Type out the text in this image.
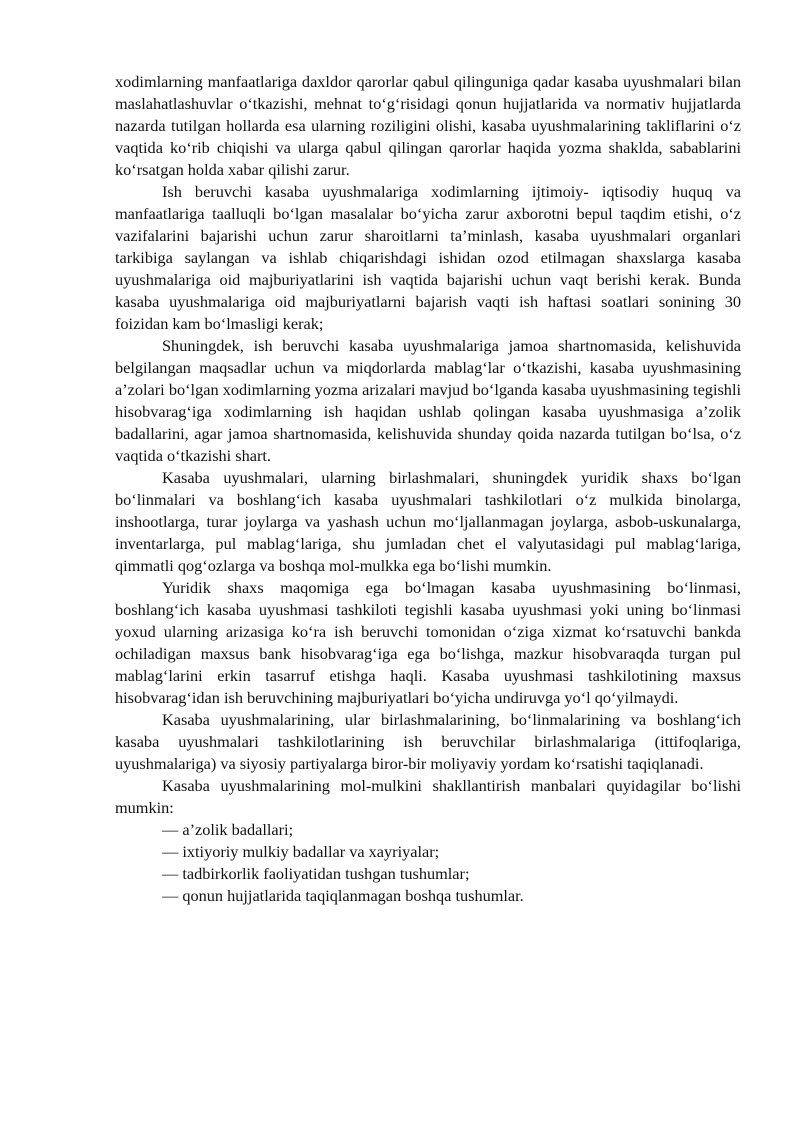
xodimlarning manfaatlariga daxldor qarorlar qabul qilinguniga qadar kasaba uyushmalari bilan maslahatlashuvlar o‘tkazishi, mehnat to‘g‘risidagi qonun hujjatlarida va normativ hujjatlarda nazarda tutilgan hollarda esa ularning roziligini olishi, kasaba uyushmalarining takliflarini o‘z vaqtida ko‘rib chiqishi va ularga qabul qilingan qarorlar haqida yozma shaklda, sabablarini ko‘rsatgan holda xabar qilishi zarur.

Ish beruvchi kasaba uyushmalariga xodimlarning ijtimoiy- iqtisodiy huquq va manfaatlariga taalluqli bo‘lgan masalalar bo‘yicha zarur axborotni bepul taqdim etishi, o‘z vazifalarini bajarishi uchun zarur sharoitlarni ta’minlash, kasaba uyushmalari organlari tarkibiga saylangan va ishlab chiqarishdagi ishidan ozod etilmagan shaxslarga kasaba uyushmalariga oid majburiyatlarini ish vaqtida bajarishi uchun vaqt berishi kerak. Bunda kasaba uyushmalariga oid majburiyatlarni bajarish vaqti ish haftasi soatlari sonining 30 foizidan kam bo‘lmasligi kerak;

Shuningdek, ish beruvchi kasaba uyushmalariga jamoa shartnomasida, kelishuvida belgilangan maqsadlar uchun va miqdorlarda mablag‘lar o‘tkazishi, kasaba uyushmasining a’zolari bo‘lgan xodimlarning yozma arizalari mavjud bo‘lganda kasaba uyushmasining tegishli hisobvarag‘iga xodimlarning ish haqidan ushlab qolingan kasaba uyushmasiga a’zolik badallarini, agar jamoa shartnomasida, kelishuvida shunday qoida nazarda tutilgan bo‘lsa, o‘z vaqtida o‘tkazishi shart.

Kasaba uyushmalari, ularning birlashmalari, shuningdek yuridik shaxs bo‘lgan bo‘linmalari va boshlang‘ich kasaba uyushmalari tashkilotlari o‘z mulkida binolarga, inshootlarga, turar joylarga va yashash uchun mo‘ljallanmagan joylarga, asbob-uskunalarga, inventarlarga, pul mablag‘lariga, shu jumladan chet el valyutasidagi pul mablag‘lariga, qimmatli qog‘ozlarga va boshqa mol-mulkka ega bo‘lishi mumkin.

Yuridik shaxs maqomiga ega bo‘lmagan kasaba uyushmasining bo‘linmasi, boshlang‘ich kasaba uyushmasi tashkiloti tegishli kasaba uyushmasi yoki uning bo‘linmasi yoxud ularning arizasiga ko‘ra ish beruvchi tomonidan o‘ziga xizmat ko‘rsatuvchi bankda ochiladigan maxsus bank hisobvarag‘iga ega bo‘lishga, mazkur hisobvaraqda turgan pul mablag‘larini erkin tasarruf etishga haqli. Kasaba uyushmasi tashkilotining maxsus hisobvarag‘idan ish beruvchining majburiyatlari bo‘yicha undiruvga yo‘l qo‘yilmaydi.

Kasaba uyushmalarining, ular birlashmalarining, bo‘linmalarining va boshlang‘ich kasaba uyushmalari tashkilotlarining ish beruvchilar birlashmalariga (ittifoqlariga, uyushmalariga) va siyosiy partiyalarga biror-bir moliyaviy yordam ko‘rsatishi taqiqlanadi.

Kasaba uyushmalarining mol-mulkini shakllantirish manbalari quyidagilar bo‘lishi mumkin:

— a’zolik badallari;

— ixtiyoriy mulkiy badallar va xayriyalar;

— tadbirkorlik faoliyatidan tushgan tushumlar;

— qonun hujjatlarida taqiqlanmagan boshqa tushumlar.
